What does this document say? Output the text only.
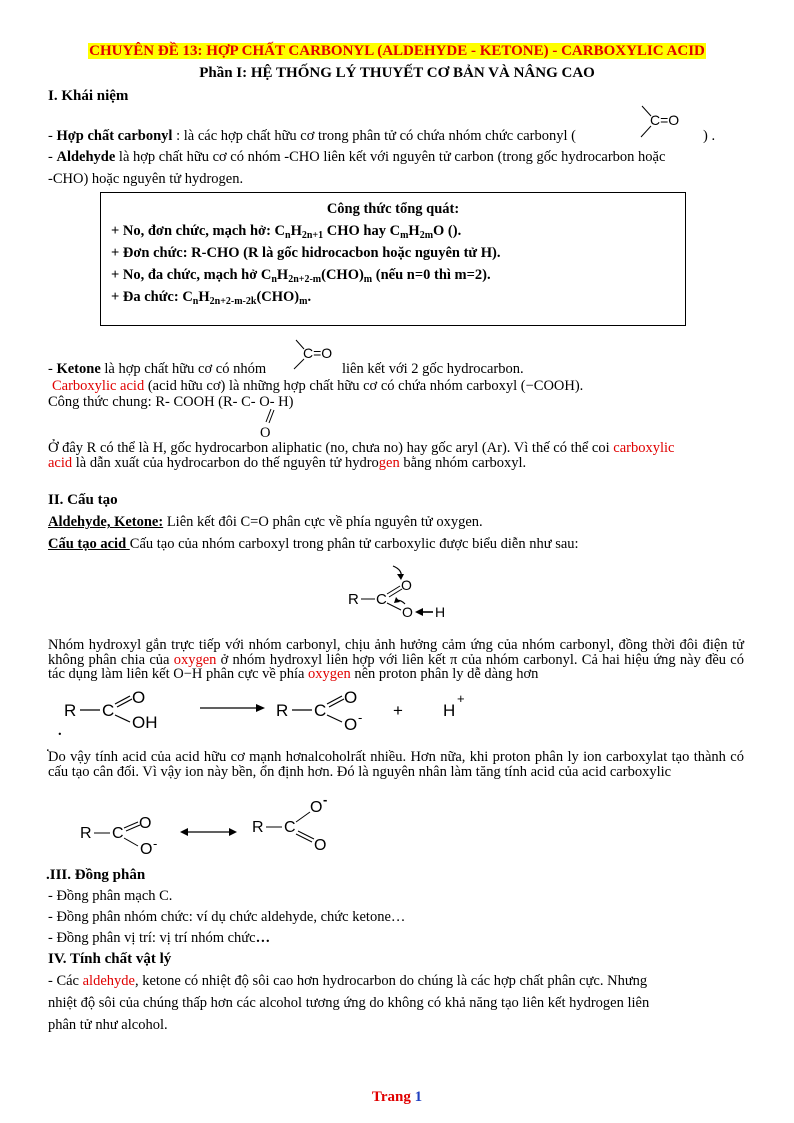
CHUYÊN ĐỀ 13: HỢP CHẤT CARBONYL (ALDEHYDE - KETONE) - CARBOXYLIC ACID
Phần I: HỆ THỐNG LÝ THUYẾT CƠ BẢN VÀ NÂNG CAO
I. Khái niệm
C=O
- Hợp chất carbonyl : là các hợp chất hữu cơ trong phân tử có chứa nhóm chức carbonyl (	) .
- Aldehyde là hợp chất hữu cơ có nhóm -CHO liên kết với nguyên tử carbon (trong gốc hydrocarbon hoặc
-CHO) hoặc nguyên tử hydrogen.
Công thức tổng quát:
+ No, đơn chức, mạch hở: $C_nH_{2n+1}$ CHO hay $C_mH_{2m}O$ ().
+ Đơn chức: R-CHO (R là gốc hidrocacbon hoặc nguyên tử H).
+ No, đa chức, mạch hở $C_nH_{2n+2-m}(CHO)_m$ (nếu n=0 thì m=2).
+ Đa chức: $C_nH_{2n+2-m-2k}(CHO)_m$.
C=O
- Ketone là hợp chất hữu cơ có nhóm	liên kết với 2 gốc hydrocarbon.
Carboxylic acid (acid hữu cơ) là những hợp chất hữu cơ có chứa nhóm carboxyl (−COOH).
Công thức chung: R- COOH (R- C- O- H)
O
Ở đây R có thể là H, gốc hydrocarbon aliphatic (no, chưa no) hay gốc aryl (Ar). Vì thế có thể coi carboxylic
acid là dẫn xuất của hydrocarbon do thế nguyên tử hydrogen bằng nhóm carboxyl.
II. Cấu tạo
Aldehyde, Ketone: Liên kết đôi C=O phân cực về phía nguyên tử oxygen.
Cấu tạo acid Cấu tạo của nhóm carboxyl trong phân tử carboxylic được biểu diễn như sau:
R C
O
O H
Nhóm hydroxyl gắn trực tiếp với nhóm carbonyl, chịu ảnh hưởng cảm ứng của nhóm carbonyl, đồng thời đôi điện tử không phân chia của oxygen ở nhóm hydroxyl liên hợp với liên kết π của nhóm carbonyl. Cả hai hiệu ứng này đều có tác dụng làm liên kết O−H phân cực về phía oxygen nên proton phân ly dễ dàng hơn
R C
O
OH
R C
O
O - + H
+
.
.
Do vậy tính acid của acid hữu cơ mạnh hơnalcoholrất nhiều. Hơn nữa, khi proton phân ly ion carboxylat tạo thành có cấu tạo cân đối. Vì vậy ion này bền, ổn định hơn. Đó là nguyên nhân làm tăng tính acid của acid carboxylic
R C
O
O -
R C
O -
O
.III. Đồng phân
- Đồng phân mạch C.
- Đồng phân nhóm chức: ví dụ chức aldehyde, chức ketone…
- Đồng phân vị trí: vị trí nhóm chức…
IV. Tính chất vật lý
- Các aldehyde, ketone có nhiệt độ sôi cao hơn hydrocarbon do chúng là các hợp chất phân cực. Nhưng
nhiệt độ sôi của chúng thấp hơn các alcohol tương ứng do không có khả năng tạo liên kết hydrogen liên
phân tử như alcohol.
Trang 1
